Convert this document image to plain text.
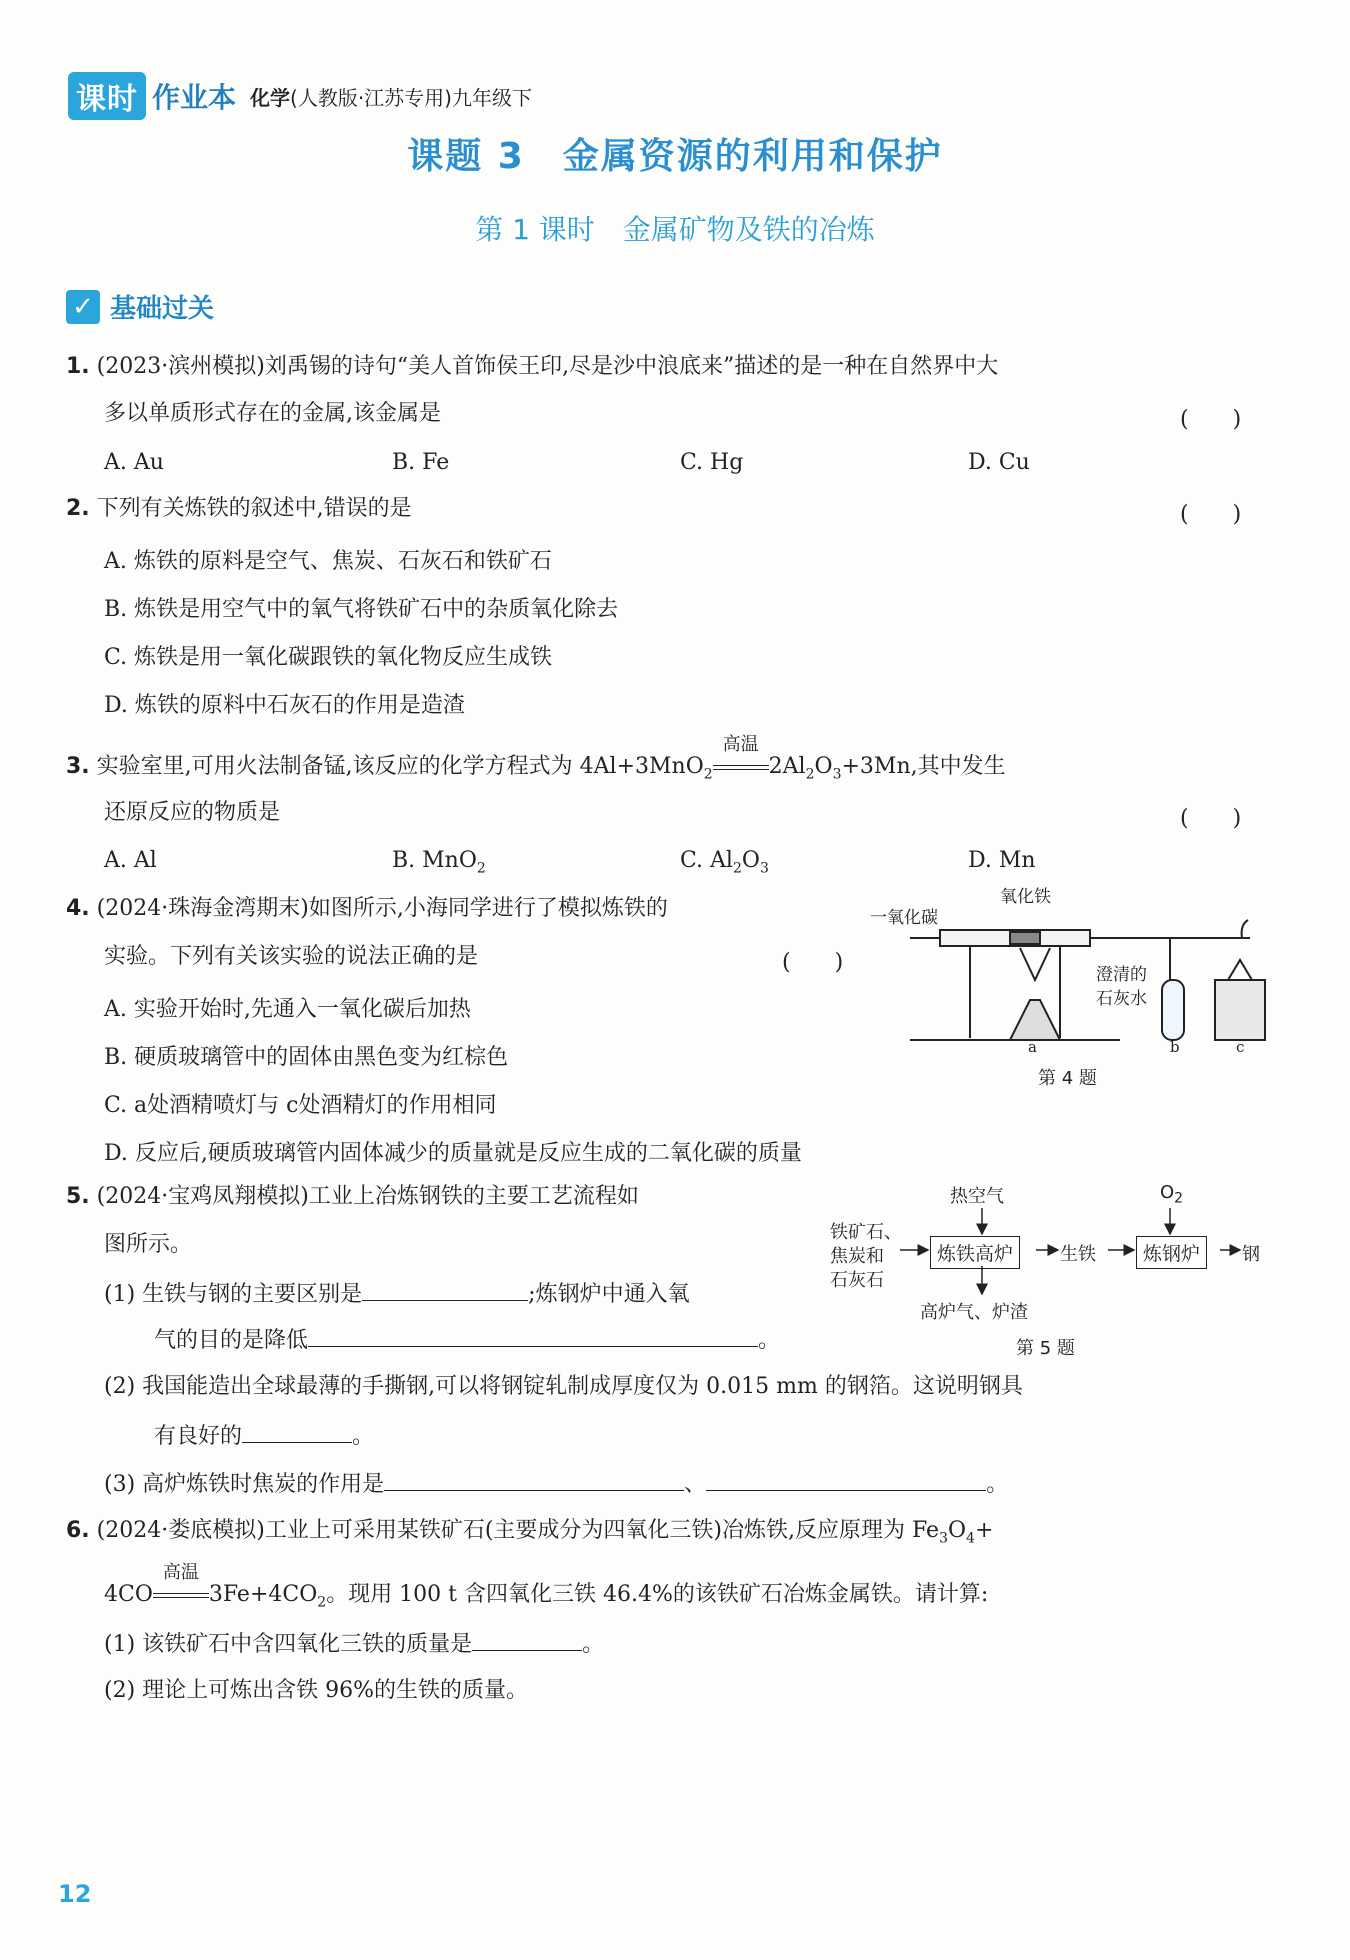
课时 作业本 化学(人教版·江苏专用)九年级下
课题 3　金属资源的利用和保护
第 1 课时　金属矿物及铁的冶炼
✓ 基础过关
1. (2023·滨州模拟)刘禹锡的诗句“美人首饰侯王印,尽是沙中浪底来”描述的是一种在自然界中大
多以单质形式存在的金属,该金属是	(　　)
A. Au	B. Fe	C. Hg	D. Cu
2. 下列有关炼铁的叙述中,错误的是	(　　)
A. 炼铁的原料是空气、焦炭、石灰石和铁矿石
B. 炼铁是用空气中的氧气将铁矿石中的杂质氧化除去
C. 炼铁是用一氧化碳跟铁的氧化物反应生成铁
D. 炼铁的原料中石灰石的作用是造渣
3. 实验室里,可用火法制备锰,该反应的化学方程式为 4Al+3MnO$_2$
高温
$2Al_2O_3+3Mn$,其中发生
还原反应的物质是	(　　)
A. Al	B. MnO$_2$	C. $Al_2O_3$	D. Mn
4. (2024·珠海金湾期末)如图所示,小海同学进行了模拟炼铁的
实验。下列有关该实验的说法正确的是	(　　)
A. 实验开始时,先通入一氧化碳后加热
B. 硬质玻璃管中的固体由黑色变为红棕色
C. a处酒精喷灯与 c处酒精灯的作用相同
D. 反应后,硬质玻璃管内固体减少的质量就是反应生成的二氧化碳的质量
一氧化碳
氧化铁
澄清的
石灰水
a	b	c
第 4 题
5. (2024·宝鸡凤翔模拟)工业上冶炼钢铁的主要工艺流程如
图所示。
(1) 生铁与钢的主要区别是	;炼钢炉中通入氧
气的目的是降低	。
(2) 我国能造出全球最薄的手撕钢,可以将钢锭轧制成厚度仅为 0.015 mm 的钢箔。这说明钢具
有良好的	。
(3) 高炉炼铁时焦炭的作用是	、	。
热空气	$O_2$
铁矿石、
焦炭和
石灰石
炼铁高炉	生铁	炼钢炉	钢
高炉气、炉渣
第 5 题
6. (2024·娄底模拟)工业上可采用某铁矿石(主要成分为四氧化三铁)冶炼铁,反应原理为 $Fe_3O_4+$
4CO
高温
$3Fe+4CO_2$。现用 100 t 含四氧化三铁 46.4%的该铁矿石冶炼金属铁。请计算:
(1) 该铁矿石中含四氧化三铁的质量是	。
(2) 理论上可炼出含铁 96%的生铁的质量。
12
